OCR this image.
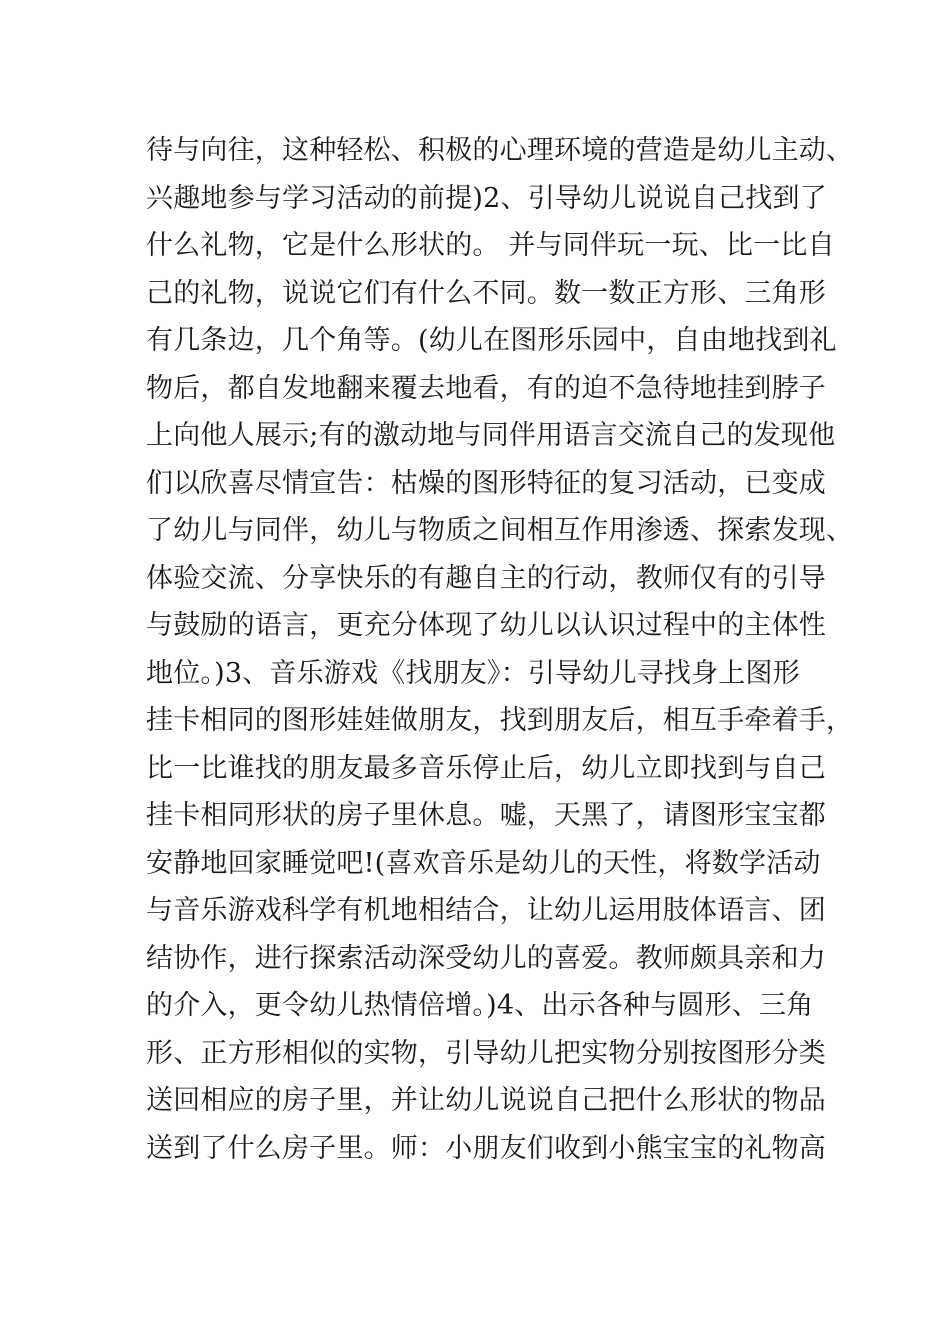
待与向往，这种轻松、积极的心理环境的营造是幼儿主动、
兴趣地参与学习活动的前提)2、引导幼儿说说自己找到了
什么礼物，它是什么形状的。 并与同伴玩一玩、比一比自
己的礼物，说说它们有什么不同。数一数正方形、三角形
有几条边，几个角等。(幼儿在图形乐园中，自由地找到礼
物后，都自发地翻来覆去地看，有的迫不急待地挂到脖子
上向他人展示;有的激动地与同伴用语言交流自己的发现他
们以欣喜尽情宣告：枯燥的图形特征的复习活动，已变成
了幼儿与同伴，幼儿与物质之间相互作用渗透、探索发现、
体验交流、分享快乐的有趣自主的行动，教师仅有的引导
与鼓励的语言，更充分体现了幼儿以认识过程中的主体性
地位。)3、音乐游戏《找朋友》：引导幼儿寻找身上图形
挂卡相同的图形娃娃做朋友，找到朋友后，相互手牵着手，
比一比谁找的朋友最多音乐停止后，幼儿立即找到与自己
挂卡相同形状的房子里休息。嘘，天黑了，请图形宝宝都
安静地回家睡觉吧!(喜欢音乐是幼儿的天性，将数学活动
与音乐游戏科学有机地相结合，让幼儿运用肢体语言、团
结协作，进行探索活动深受幼儿的喜爱。教师颇具亲和力
的介入，更令幼儿热情倍增。)4、出示各种与圆形、三角
形、正方形相似的实物，引导幼儿把实物分别按图形分类
送回相应的房子里，并让幼儿说说自己把什么形状的物品
送到了什么房子里。师：小朋友们收到小熊宝宝的礼物高
